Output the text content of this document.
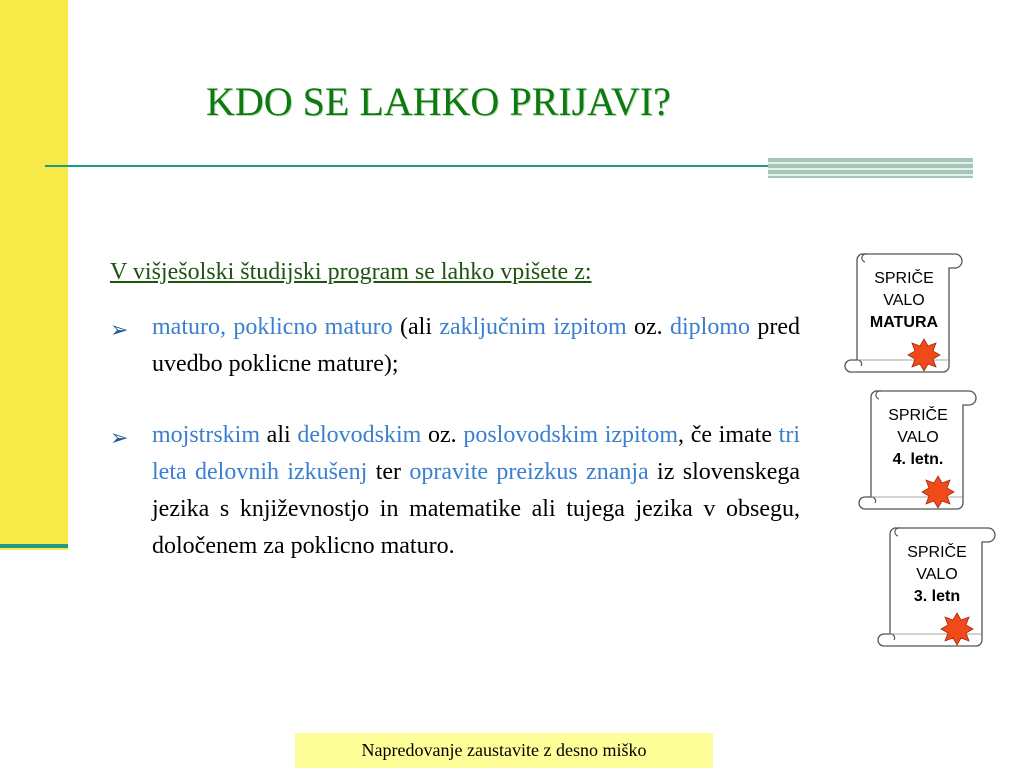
KDO SE LAHKO PRIJAVI?
V višješolski študijski program se lahko vpišete z:
➢ maturo, poklicno maturo (ali zaključnim izpitom oz. diplomo pred uvedbo poklicne mature);
➢ mojstrskim ali delovodskim oz. poslovodskim izpitom, če imate tri leta delovnih izkušenj ter opravite preizkus znanja iz slovenskega jezika s književnostjo in matematike ali tujega jezika v obsegu, določenem za poklicno maturo.
SPRIČE
VALO
MATURA
SPRIČE
VALO
4. letn.
SPRIČE
VALO
3. letn
Napredovanje zaustavite z desno miško
